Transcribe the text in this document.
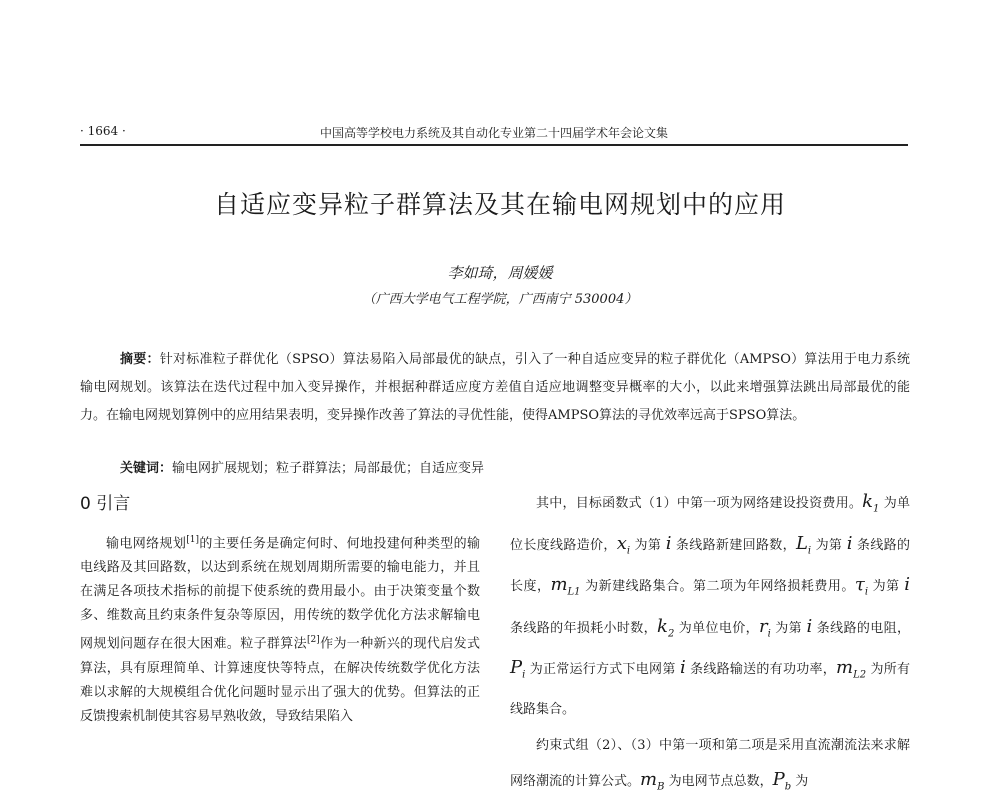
· 1664 ·	中国高等学校电力系统及其自动化专业第二十四届学术年会论文集
自适应变异粒子群算法及其在输电网规划中的应用
李如琦，周媛媛
（广西大学电气工程学院，广西南宁 530004）
摘要：针对标准粒子群优化（SPSO）算法易陷入局部最优的缺点，引入了一种自适应变异的粒子群优化（AMPSO）算法用于电力系统输电网规划。该算法在迭代过程中加入变异操作，并根据种群适应度方差值自适应地调整变异概率的大小，以此来增强算法跳出局部最优的能力。在输电网规划算例中的应用结果表明，变异操作改善了算法的寻优性能，使得AMPSO算法的寻优效率远高于SPSO算法。
关键词：输电网扩展规划；粒子群算法；局部最优；自适应变异
0 引言

输电网络规划[1]的主要任务是确定何时、何地投建何种类型的输电线路及其回路数，以达到系统在规划周期所需要的输电能力，并且在满足各项技术指标的前提下使系统的费用最小。由于决策变量个数多、维数高且约束条件复杂等原因，用传统的数学优化方法求解输电网规划问题存在很大困难。粒子群算法[2]作为一种新兴的现代启发式算法，具有原理简单、计算速度快等特点，在解决传统数学优化方法难以求解的大规模组合优化问题时显示出了强大的优势。但算法的正反馈搜索机制使其容易早熟收敛，导致结果陷入

其中，目标函数式（1）中第一项为网络建设投资费用。$k_1$ 为单位长度线路造价，$x_i$ 为第 i 条线路新建回路数，$L_i$ 为第 i 条线路的长度，$m_{L1}$ 为新建线路集合。第二项为年网络损耗费用。$\tau_i$ 为第 i 条线路的年损耗小时数，$k_2$ 为单位电价，$r_i$ 为第 i 条线路的电阻，$P_i$ 为正常运行方式下电网第 i 条线路输送的有功功率，$m_{L2}$ 为所有线路集合。

约束式组（2）、（3）中第一项和第二项是采用直流潮流法来求解网络潮流的计算公式。$m_B$ 为电网节点总数，$P_b$ 为
